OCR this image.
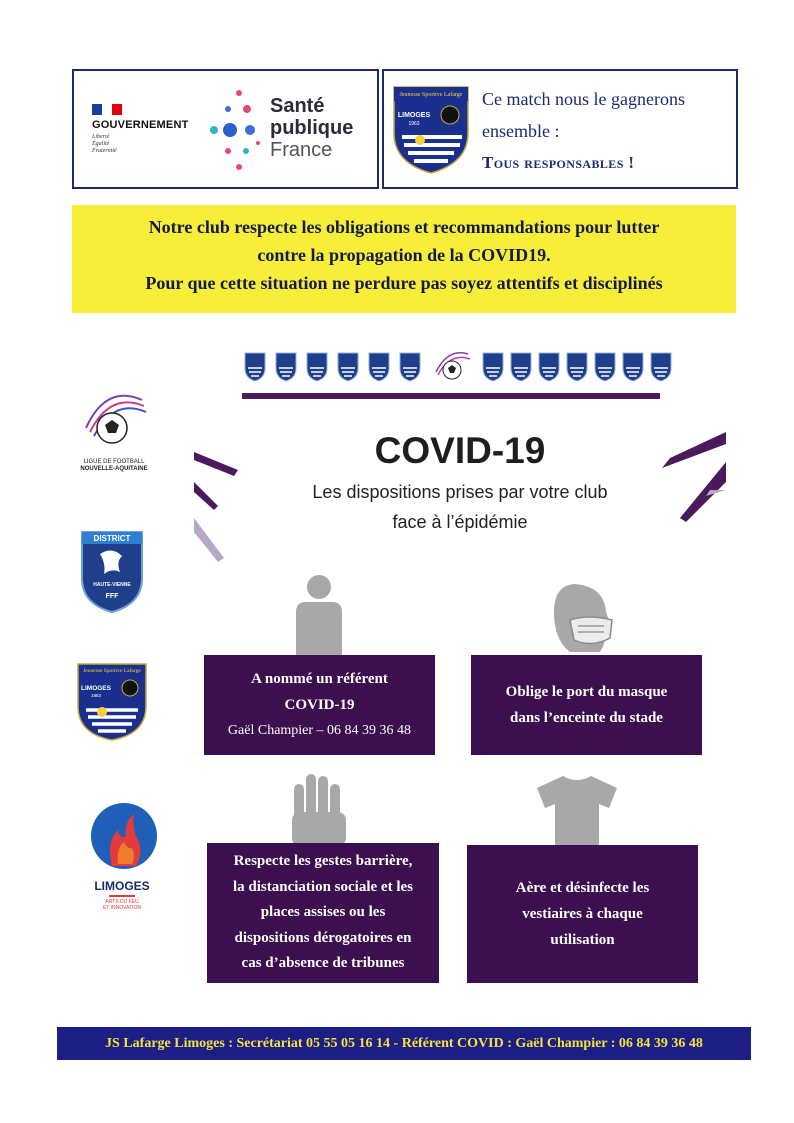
GOUVERNEMENT
Liberté
Égalité
Fraternité
Santé
publique
France
Jeunesse Sportive Lafarge
LIMOGES
1963
Ce match nous le gagnerons
ensemble :
Tous responsables !
Notre club respecte les obligations et recommandations pour lutter
contre la propagation de la COVID19.
Pour que cette situation ne perdure pas soyez attentifs et disciplinés
LIGUE DE FOOTBALL
NOUVELLE-AQUITAINE
DISTRICT
HAUTE-VIENNE
FFF
Jeunesse Sportive Lafarge
LIMOGES
1963
LIMOGES
ARTS DU FEU
ET INNOVATION
COVID-19
Les dispositions prises par votre club
face à l’épidémie
A nommé un référent
COVID-19
Gaël Champier – 06 84 39 36 48
Oblige le port du masque
dans l’enceinte du stade
Respecte les gestes barrière,
la distanciation sociale et les
places assises ou les
dispositions dérogatoires en
cas d’absence de tribunes
Aère et désinfecte les
vestiaires à chaque
utilisation
JS Lafarge Limoges : Secrétariat 05 55 05 16 14 - Référent COVID : Gaël Champier : 06 84 39 36 48
